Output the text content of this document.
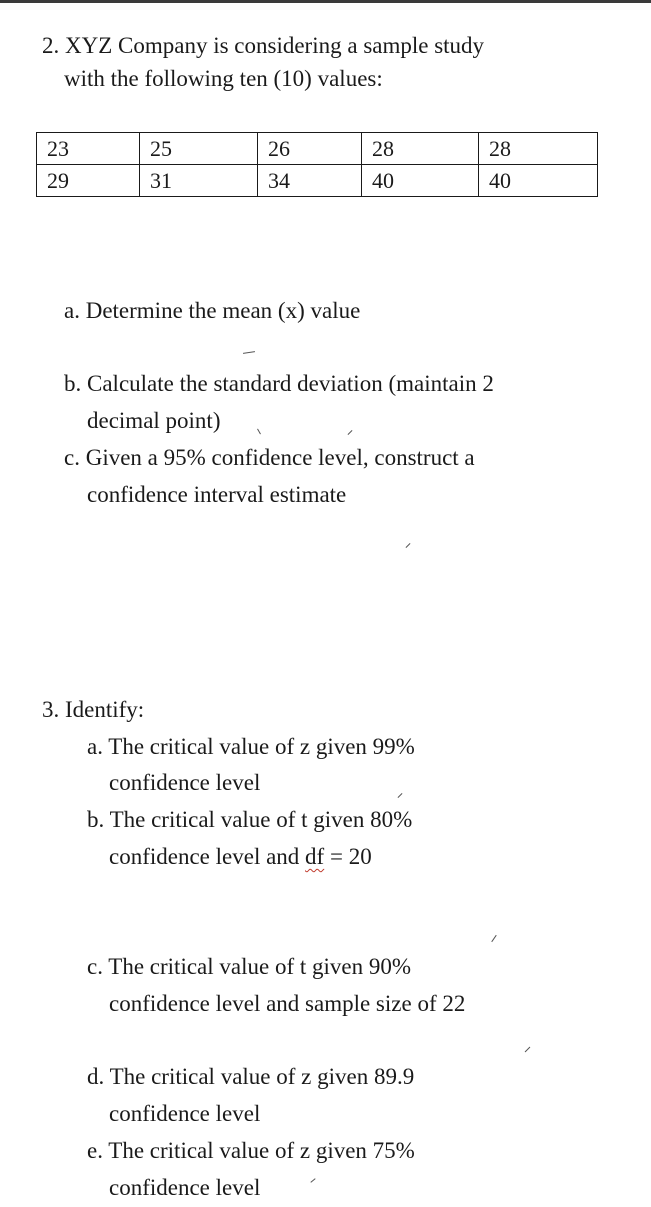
2. XYZ Company is considering a sample study
with the following ten (10) values:
23	25	26	28	28
29	31	34	40	40
a. Determine the mean (x) value
b. Calculate the standard deviation (maintain 2
decimal point)
c. Given a 95% confidence level, construct a
confidence interval estimate
3. Identify:
a. The critical value of z given 99%
confidence level
b. The critical value of t given 80%
confidence level and df = 20
c. The critical value of t given 90%
confidence level and sample size of 22
d. The critical value of z given 89.9
confidence level
e. The critical value of z given 75%
confidence level
